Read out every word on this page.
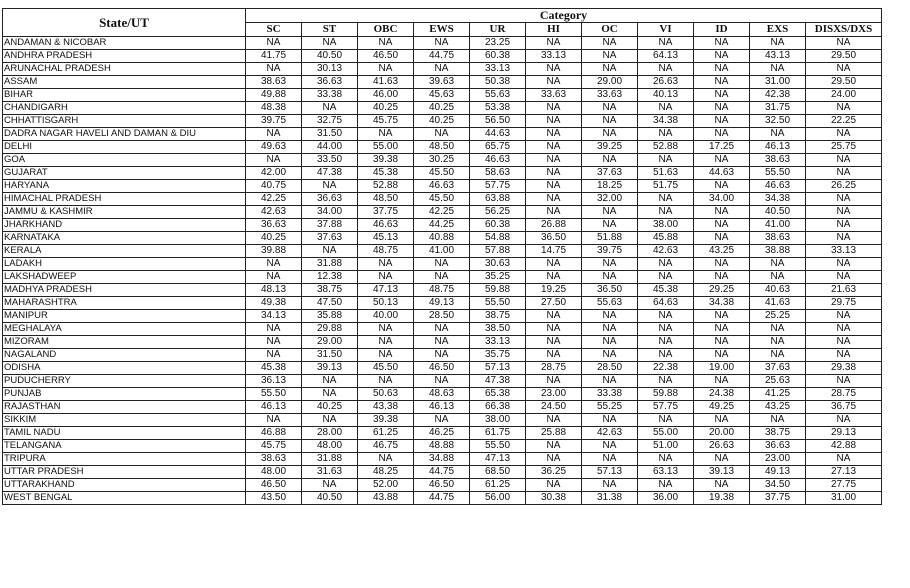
State/UT	Category										
	SC	ST	OBC	EWS	UR	HI	OC	VI	ID	EXS	DISXS/DXS
ANDAMAN & NICOBAR	NA	NA	NA	NA	23.25	NA	NA	NA	NA	NA	NA
ANDHRA PRADESH	41.75	40.50	46.50	44.75	60.38	33.13	NA	64.13	NA	43.13	29.50
ARUNACHAL PRADESH	NA	30.13	NA	NA	33.13	NA	NA	NA	NA	NA	NA
ASSAM	38.63	36.63	41.63	39.63	50.38	NA	29.00	26.63	NA	31.00	29.50
BIHAR	49.88	33.38	46.00	45.63	55.63	33.63	33.63	40.13	NA	42.38	24.00
CHANDIGARH	48.38	NA	40.25	40.25	53.38	NA	NA	NA	NA	31.75	NA
CHHATTISGARH	39.75	32.75	45.75	40.25	56.50	NA	NA	34.38	NA	32.50	22.25
DADRA NAGAR HAVELI AND DAMAN & DIU	NA	31.50	NA	NA	44.63	NA	NA	NA	NA	NA	NA
DELHI	49.63	44.00	55.00	48.50	65.75	NA	39.25	52.88	17.25	46.13	25.75
GOA	NA	33.50	39.38	30.25	46.63	NA	NA	NA	NA	38.63	NA
GUJARAT	42.00	47.38	45.38	45.50	58.63	NA	37.63	51.63	44.63	55.50	NA
HARYANA	40.75	NA	52.88	46.63	57.75	NA	18.25	51.75	NA	46.63	26.25
HIMACHAL PRADESH	42.25	36.63	48.50	45.50	63.88	NA	32.00	NA	34.00	34.38	NA
JAMMU & KASHMIR	42.63	34.00	37.75	42.25	56.25	NA	NA	NA	NA	40.50	NA
JHARKHAND	36.63	37.88	46.63	44.25	60.38	26.88	NA	38.00	NA	41.00	NA
KARNATAKA	40.25	37.63	45.13	40.88	54.88	36.50	51.88	45.88	NA	38.63	NA
KERALA	39.88	NA	48.75	41.00	57.88	14.75	39.75	42.63	43.25	38.88	33.13
LADAKH	NA	31.88	NA	NA	30.63	NA	NA	NA	NA	NA	NA
LAKSHADWEEP	NA	12.38	NA	NA	35.25	NA	NA	NA	NA	NA	NA
MADHYA PRADESH	48.13	38.75	47.13	48.75	59.88	19.25	36.50	45.38	29.25	40.63	21.63
MAHARASHTRA	49.38	47.50	50.13	49.13	55.50	27.50	55.63	64.63	34.38	41.63	29.75
MANIPUR	34.13	35.88	40.00	28.50	38.75	NA	NA	NA	NA	25.25	NA
MEGHALAYA	NA	29.88	NA	NA	38.50	NA	NA	NA	NA	NA	NA
MIZORAM	NA	29.00	NA	NA	33.13	NA	NA	NA	NA	NA	NA
NAGALAND	NA	31.50	NA	NA	35.75	NA	NA	NA	NA	NA	NA
ODISHA	45.38	39.13	45.50	46.50	57.13	28.75	28.50	22.38	19.00	37.63	29.38
PUDUCHERRY	36.13	NA	NA	NA	47.38	NA	NA	NA	NA	25.63	NA
PUNJAB	55.50	NA	50.63	48.63	65.38	23.00	33.38	59.88	24.38	41.25	28.75
RAJASTHAN	46.13	40.25	43.38	46.13	66.38	24.50	55.25	57.75	49.25	43.25	36.75
SIKKIM	NA	NA	39.38	NA	38.00	NA	NA	NA	NA	NA	NA
TAMIL NADU	46.88	28.00	61.25	46.25	61.75	25.88	42.63	55.00	20.00	38.75	29.13
TELANGANA	45.75	48.00	46.75	48.88	55.50	NA	NA	51.00	26.63	36.63	42.88
TRIPURA	38.63	31.88	NA	34.88	47.13	NA	NA	NA	NA	23.00	NA
UTTAR PRADESH	48.00	31.63	48.25	44.75	68.50	36.25	57.13	63.13	39.13	49.13	27.13
UTTARAKHAND	46.50	NA	52.00	46.50	61.25	NA	NA	NA	NA	34.50	27.75
WEST BENGAL	43.50	40.50	43.88	44.75	56.00	30.38	31.38	36.00	19.38	37.75	31.00
